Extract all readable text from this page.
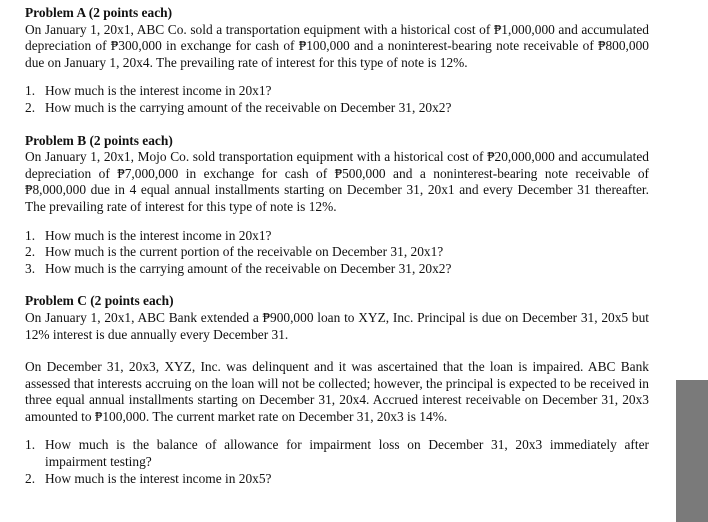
Problem A (2 points each)

On January 1, 20x1, ABC Co. sold a transportation equipment with a historical cost of ₱1,000,000 and accumulated depreciation of ₱300,000 in exchange for cash of ₱100,000 and a noninterest-bearing note receivable of ₱800,000 due on January 1, 20x4. The prevailing rate of interest for this type of note is 12%.

1. How much is the interest income in 20x1?
2. How much is the carrying amount of the receivable on December 31, 20x2?

Problem B (2 points each)

On January 1, 20x1, Mojo Co. sold transportation equipment with a historical cost of ₱20,000,000 and accumulated depreciation of ₱7,000,000 in exchange for cash of ₱500,000 and a noninterest-bearing note receivable of ₱8,000,000 due in 4 equal annual installments starting on December 31, 20x1 and every December 31 thereafter. The prevailing rate of interest for this type of note is 12%.

1. How much is the interest income in 20x1?
2. How much is the current portion of the receivable on December 31, 20x1?
3. How much is the carrying amount of the receivable on December 31, 20x2?

Problem C (2 points each)

On January 1, 20x1, ABC Bank extended a ₱900,000 loan to XYZ, Inc. Principal is due on December 31, 20x5 but 12% interest is due annually every December 31.

On December 31, 20x3, XYZ, Inc. was delinquent and it was ascertained that the loan is impaired. ABC Bank assessed that interests accruing on the loan will not be collected; however, the principal is expected to be received in three equal annual installments starting on December 31, 20x4. Accrued interest receivable on December 31, 20x3 amounted to ₱100,000. The current market rate on December 31, 20x3 is 14%.

1. How much is the balance of allowance for impairment loss on December 31, 20x3 immediately after impairment testing?
2. How much is the interest income in 20x5?
